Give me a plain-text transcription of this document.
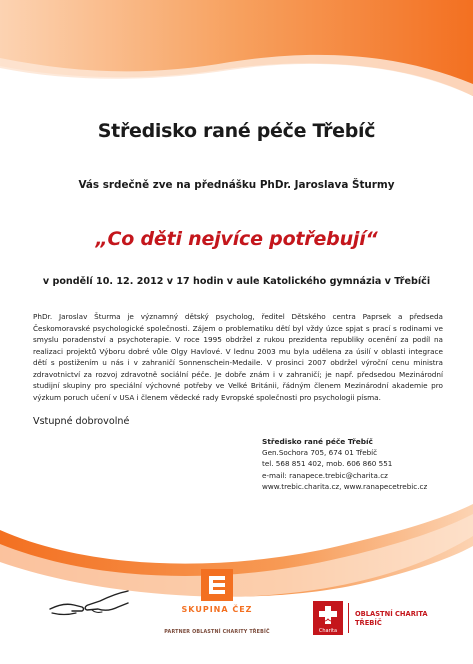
Středisko rané péče Třebíč
Vás srdečně zve na přednášku PhDr. Jaroslava Šturmy
„Co děti nejvíce potřebují“
v pondělí 10. 12. 2012 v 17 hodin v aule Katolického gymnázia v Třebíči
PhDr. Jaroslav Šturma je významný dětský psycholog, ředitel Dětského centra Paprsek a předseda Českomoravské psychologické společnosti. Zájem o problematiku dětí byl vždy úzce spjat s prací s rodinami ve smyslu poradenství a psychoterapie. V roce 1995 obdržel z rukou prezidenta republiky ocenění za podíl na realizaci projektů Výboru dobré vůle Olgy Havlové. V lednu 2003 mu byla udělena za úsilí v oblasti integrace dětí s postižením u nás i v zahraničí Sonnenschein-Medaile. V prosinci 2007 obdržel výroční cenu ministra zdravotnictví za rozvoj zdravotně sociální péče. Je dobře znám i v zahraničí; je např. předsedou Mezinárodní studijní skupiny pro speciální výchovné potřeby ve Velké Británii, řádným členem Mezinárodní akademie pro výzkum poruch učení v USA i členem vědecké rady Evropské společnosti pro psychologii písma.
Vstupné dobrovolné
Středisko rané péče Třebíč
Gen.Sochora 705, 674 01 Třebíč
tel. 568 851 402, mob. 606 860 551
e-mail: ranapece.trebic@charita.cz
www.trebic.charita.cz, www.ranapecetrebic.cz
SKUPINA ČEZ
PARTNER OBLASTNÍ CHARITY TŘEBÍČ	Charita
OBLASTNÍ CHARITA
TŘEBÍČ
